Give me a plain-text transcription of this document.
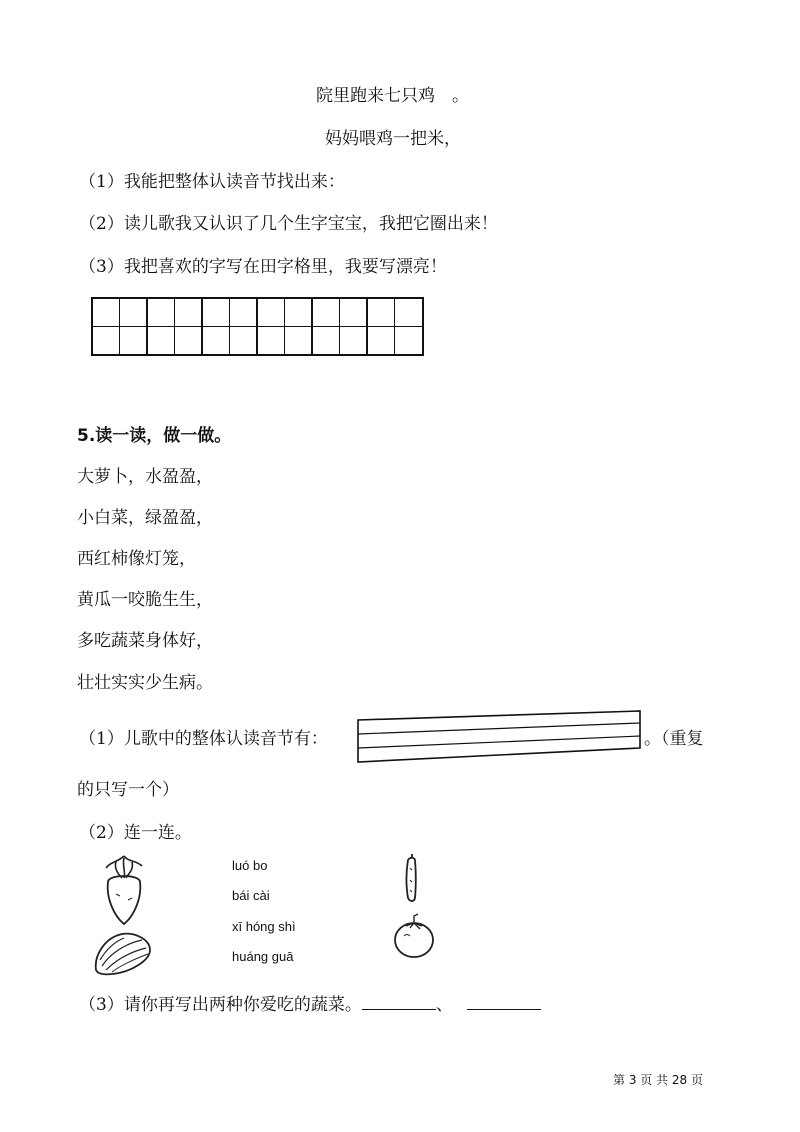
院里跑来七只鸡　。
妈妈喂鸡一把米，
（1）我能把整体认读音节找出来：
（2）读儿歌我又认识了几个生字宝宝，我把它圈出来！
（3）我把喜欢的字写在田字格里，我要写漂亮！
5.读一读，做一做。
大萝卜，水盈盈，
小白菜，绿盈盈，
西红柿像灯笼，
黄瓜一咬脆生生，
多吃蔬菜身体好，
壮壮实实少生病。
（1）儿歌中的整体认读音节有：	。（重复
的只写一个）
（2）连一连。
luó bo
bái cài
xī hóng shì
huáng guā
（3）请你再写出两种你爱吃的蔬菜。	、
第 3 页 共 28 页
